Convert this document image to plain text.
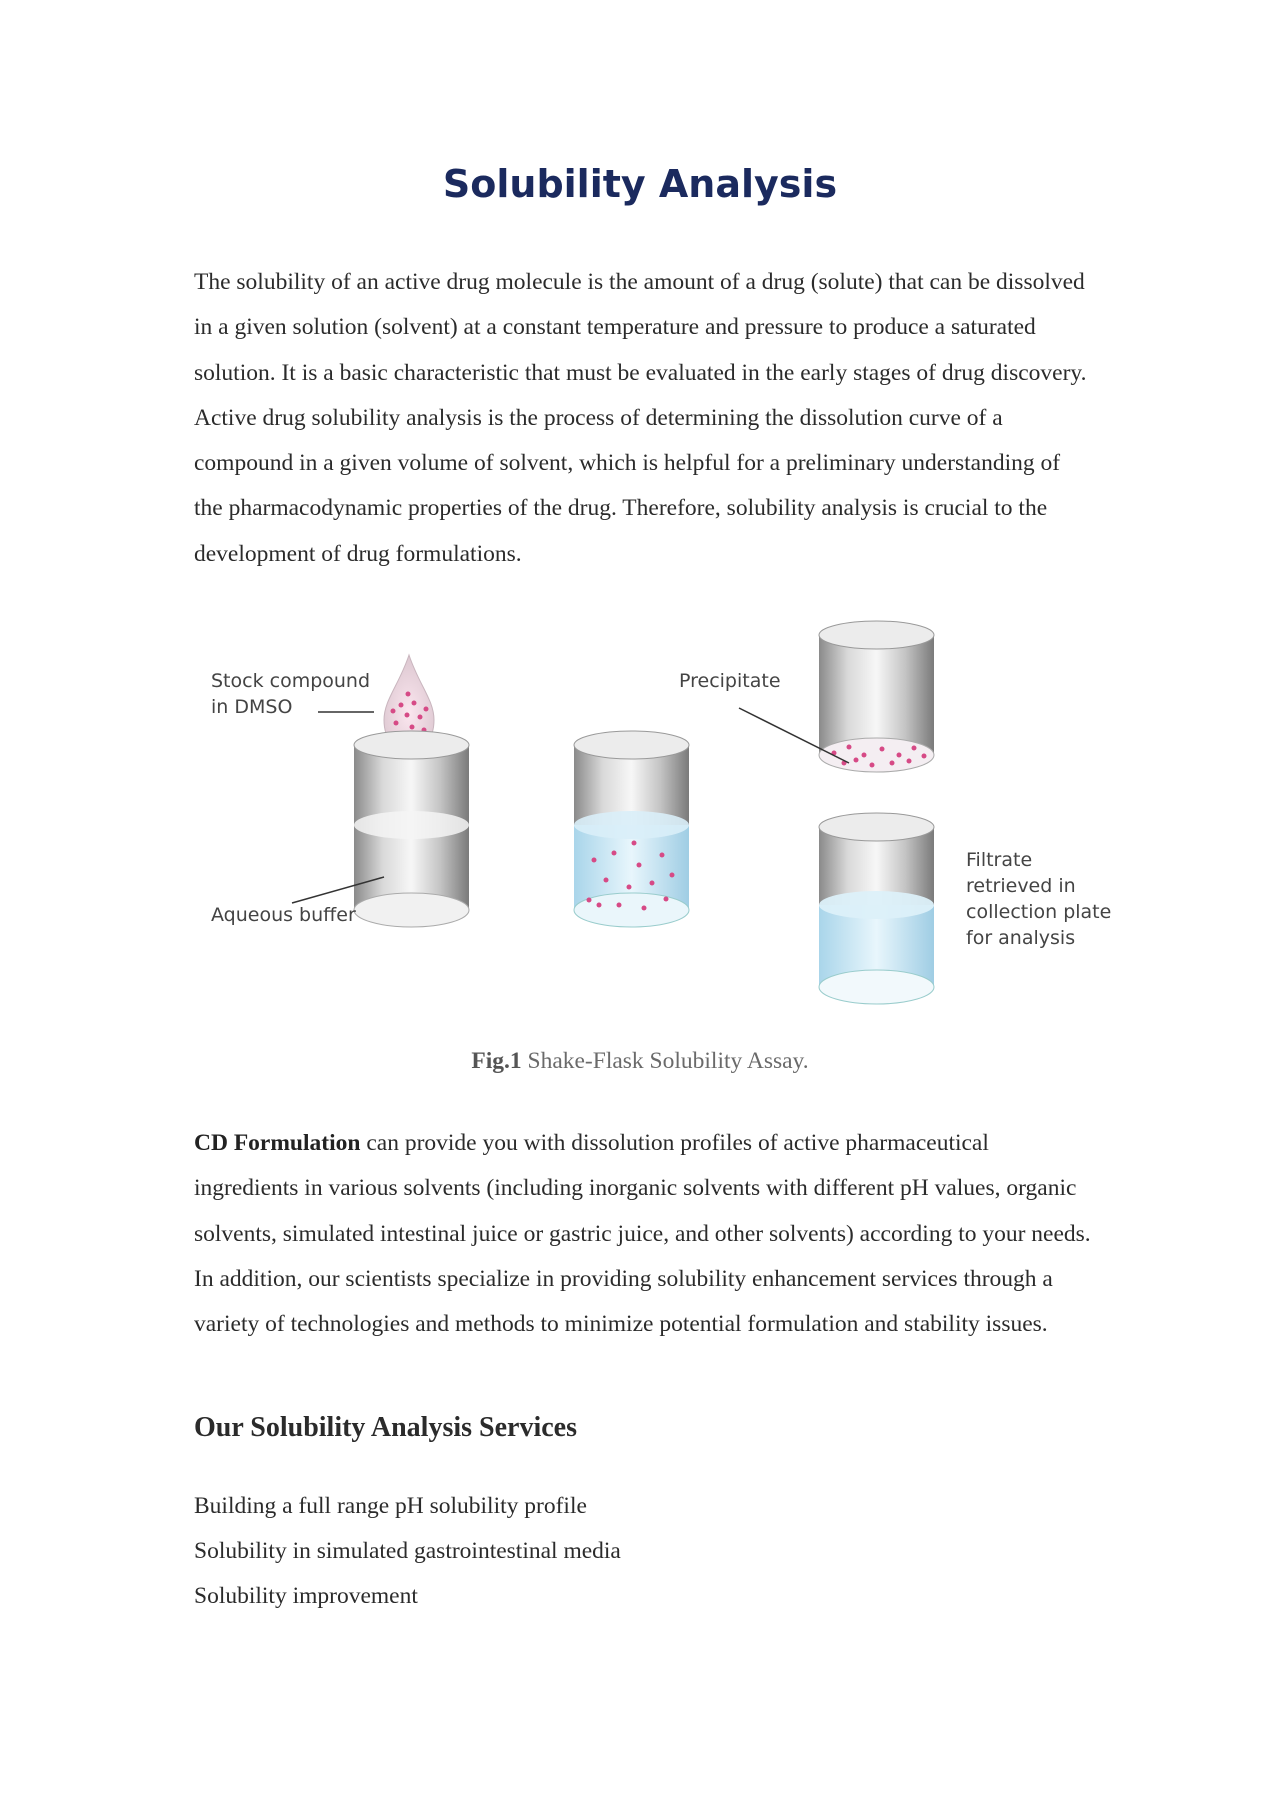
Solubility Analysis

The solubility of an active drug molecule is the amount of a drug (solute) that can be dissolved in a given solution (solvent) at a constant temperature and pressure to produce a saturated solution. It is a basic characteristic that must be evaluated in the early stages of drug discovery. Active drug solubility analysis is the process of determining the dissolution curve of a compound in a given volume of solvent, which is helpful for a preliminary understanding of the pharmacodynamic properties of the drug. Therefore, solubility analysis is crucial to the development of drug formulations.

Stock compound
in DMSO
Aqueous buffer
Precipitate
Filtrate
retrieved in
collection plate
for analysis

Fig.1 Shake-Flask Solubility Assay.

CD Formulation can provide you with dissolution profiles of active pharmaceutical ingredients in various solvents (including inorganic solvents with different pH values, organic solvents, simulated intestinal juice or gastric juice, and other solvents) according to your needs. In addition, our scientists specialize in providing solubility enhancement services through a variety of technologies and methods to minimize potential formulation and stability issues.

Our Solubility Analysis Services
Building a full range pH solubility profile
Solubility in simulated gastrointestinal media
Solubility improvement
